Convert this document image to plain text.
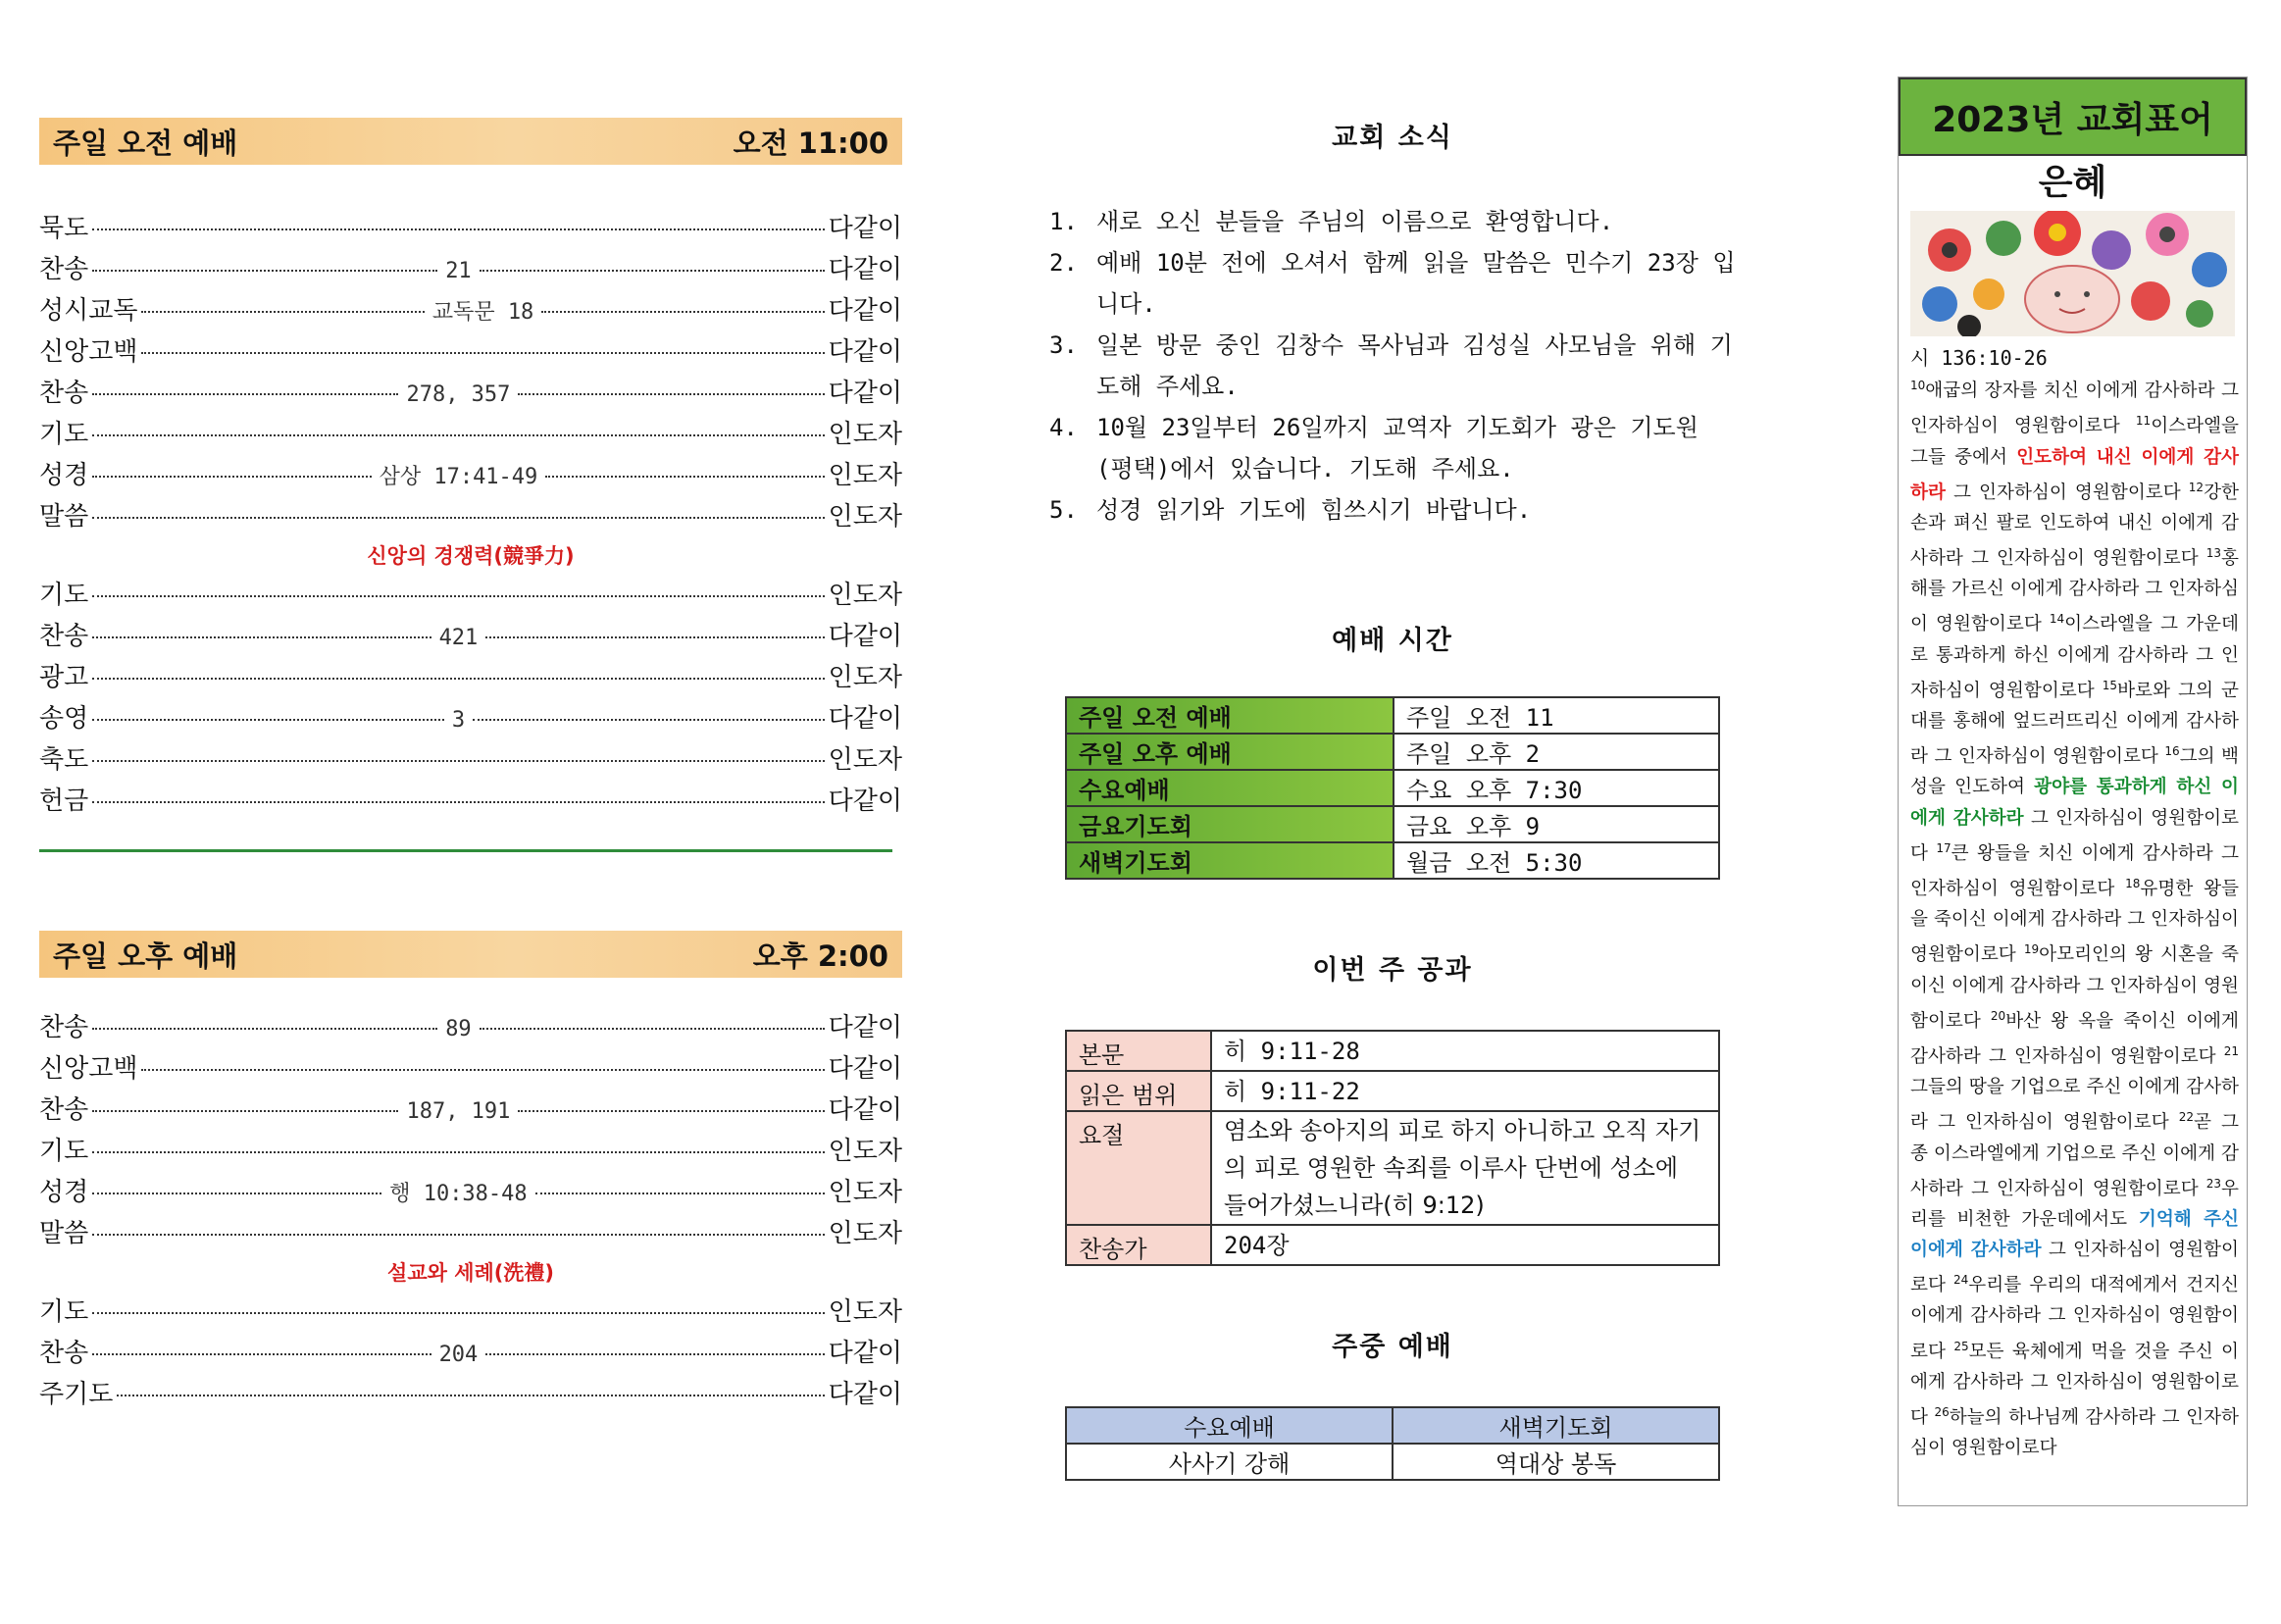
주일 오전 예배	오전 11:00
묵도	다같이
찬송	21	다같이
성시교독	교독문 18	다같이
신앙고백	다같이
찬송	278, 357	다같이
기도	인도자
성경	삼상 17:41-49	인도자
말씀	인도자
신앙의 경쟁력(競爭力)
기도	인도자
찬송	421	다같이
광고	인도자
송영	3	다같이
축도	인도자
헌금	다같이
주일 오후 예배	오후 2:00
찬송	89	다같이
신앙고백	다같이
찬송	187, 191	다같이
기도	인도자
성경	행 10:38-48	인도자
말씀	인도자
설교와 세례(洗禮)
기도	인도자
찬송	204	다같이
주기도	다같이
교회 소식
1. 새로 오신 분들을 주님의 이름으로 환영합니다.
2. 예배 10분 전에 오셔서 함께 읽을 말씀은 민수기 23장 입니다.
3. 일본 방문 중인 김창수 목사님과 김성실 사모님을 위해 기도해 주세요.
4. 10월 23일부터 26일까지 교역자 기도회가 광은 기도원 (평택)에서 있습니다. 기도해 주세요.
5. 성경 읽기와 기도에 힘쓰시기 바랍니다.
예배 시간
주일 오전 예배	주일 오전 11
주일 오후 예배	주일 오후 2
수요예배	수요 오후 7:30
금요기도회	금요 오후 9
새벽기도회	월금 오전 5:30
이번 주 공과
본문	히 9:11-28
읽은 범위	히 9:11-22
요절	염소와 송아지의 피로 하지 아니하고 오직 자기의 피로 영원한 속죄를 이루사 단번에 성소에 들어가셨느니라(히 9:12)
찬송가	204장
주중 예배
수요예배	새벽기도회
사사기 강해	역대상 봉독
2023년 교회표어
은혜
시 136:10-26
$^{10}$애굽의 장자를 치신 이에게 감사하라 그 인자하심이 영원함이로다 $^{11}$이스라엘을 그들 중에서 인도하여 내신 이에게 감사하라 그 인자하심이 영원함이로다 $^{12}$강한 손과 펴신 팔로 인도하여 내신 이에게 감사하라 그 인자하심이 영원함이로다 $^{13}$홍해를 가르신 이에게 감사하라 그 인자하심이 영원함이로다 $^{14}$이스라엘을 그 가운데로 통과하게 하신 이에게 감사하라 그 인자하심이 영원함이로다 $^{15}$바로와 그의 군대를 홍해에 엎드러뜨리신 이에게 감사하라 그 인자하심이 영원함이로다 $^{16}$그의 백성을 인도하여 광야를 통과하게 하신 이에게 감사하라 그 인자하심이 영원함이로다 $^{17}$큰 왕들을 치신 이에게 감사하라 그 인자하심이 영원함이로다 $^{18}$유명한 왕들을 죽이신 이에게 감사하라 그 인자하심이 영원함이로다 $^{19}$아모리인의 왕 시혼을 죽이신 이에게 감사하라 그 인자하심이 영원함이로다 $^{20}$바산 왕 옥을 죽이신 이에게 감사하라 그 인자하심이 영원함이로다 $^{21}$그들의 땅을 기업으로 주신 이에게 감사하라 그 인자하심이 영원함이로다 $^{22}$곧 그 종 이스라엘에게 기업으로 주신 이에게 감사하라 그 인자하심이 영원함이로다 $^{23}$우리를 비천한 가운데에서도 기억해 주신 이에게 감사하라 그 인자하심이 영원함이로다 $^{24}$우리를 우리의 대적에게서 건지신 이에게 감사하라 그 인자하심이 영원함이로다 $^{25}$모든 육체에게 먹을 것을 주신 이에게 감사하라 그 인자하심이 영원함이로다 $^{26}$하늘의 하나님께 감사하라 그 인자하심이 영원함이로다
